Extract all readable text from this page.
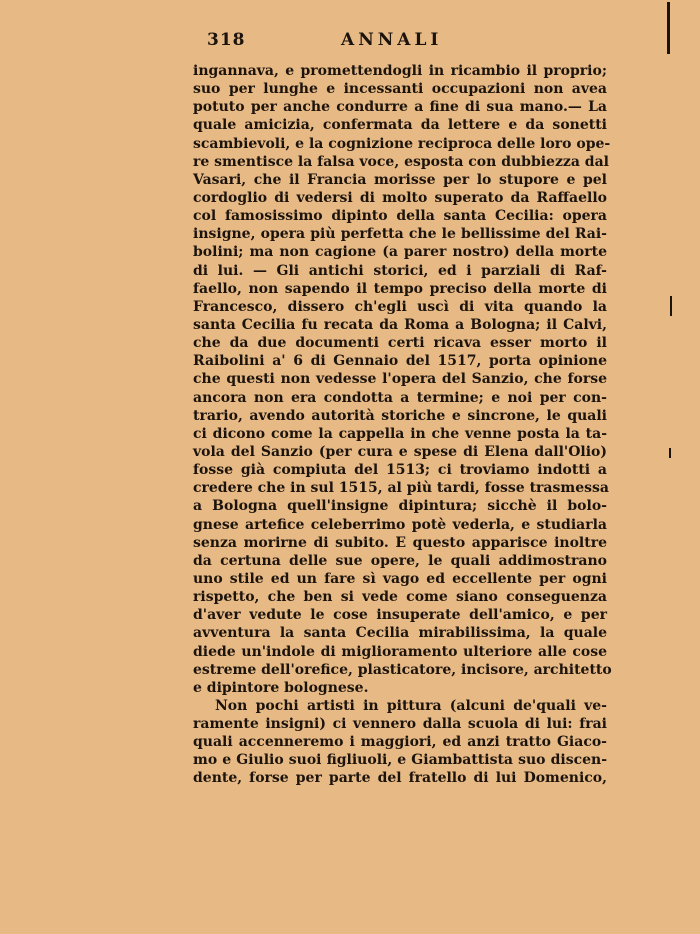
318	ANNALI
ingannava, e promettendogli in ricambio il proprio;
suo per lunghe e incessanti occupazioni non avea
potuto per anche condurre a fine di sua mano.— La
quale amicizia, confermata da lettere e da sonetti
scambievoli, e la cognizione reciproca delle loro ope-
re smentisce la falsa voce, esposta con dubbiezza dal
Vasari, che il Francia morisse per lo stupore e pel
cordoglio di vedersi di molto superato da Raffaello
col famosissimo dipinto della santa Cecilia: opera
insigne, opera più perfetta che le bellissime del Rai-
bolini; ma non cagione (a parer nostro) della morte
di lui. — Gli antichi storici, ed i parziali di Raf-
faello, non sapendo il tempo preciso della morte di
Francesco, dissero ch'egli uscì di vita quando la
santa Cecilia fu recata da Roma a Bologna; il Calvi,
che da due documenti certi ricava esser morto il
Raibolini a' 6 di Gennaio del 1517, porta opinione
che questi non vedesse l'opera del Sanzio, che forse
ancora non era condotta a termine; e noi per con-
trario, avendo autorità storiche e sincrone, le quali
ci dicono come la cappella in che venne posta la ta-
vola del Sanzio (per cura e spese di Elena dall'Olio)
fosse già compiuta del 1513; ci troviamo indotti a
credere che in sul 1515, al più tardi, fosse trasmessa
a Bologna quell'insigne dipintura; sicchè il bolo-
gnese artefice celeberrimo potè vederla, e studiarla
senza morirne di subito. E questo apparisce inoltre
da certuna delle sue opere, le quali addimostrano
uno stile ed un fare sì vago ed eccellente per ogni
rispetto, che ben si vede come siano conseguenza
d'aver vedute le cose insuperate dell'amico, e per
avventura la santa Cecilia mirabilissima, la quale
diede un'indole di miglioramento ulteriore alle cose
estreme dell'orefice, plasticatore, incisore, architetto
e dipintore bolognese.
Non pochi artisti in pittura (alcuni de'quali ve-
ramente insigni) ci vennero dalla scuola di lui: frai
quali accenneremo i maggiori, ed anzi tratto Giaco-
mo e Giulio suoi figliuoli, e Giambattista suo discen-
dente, forse per parte del fratello di lui Domenico,
